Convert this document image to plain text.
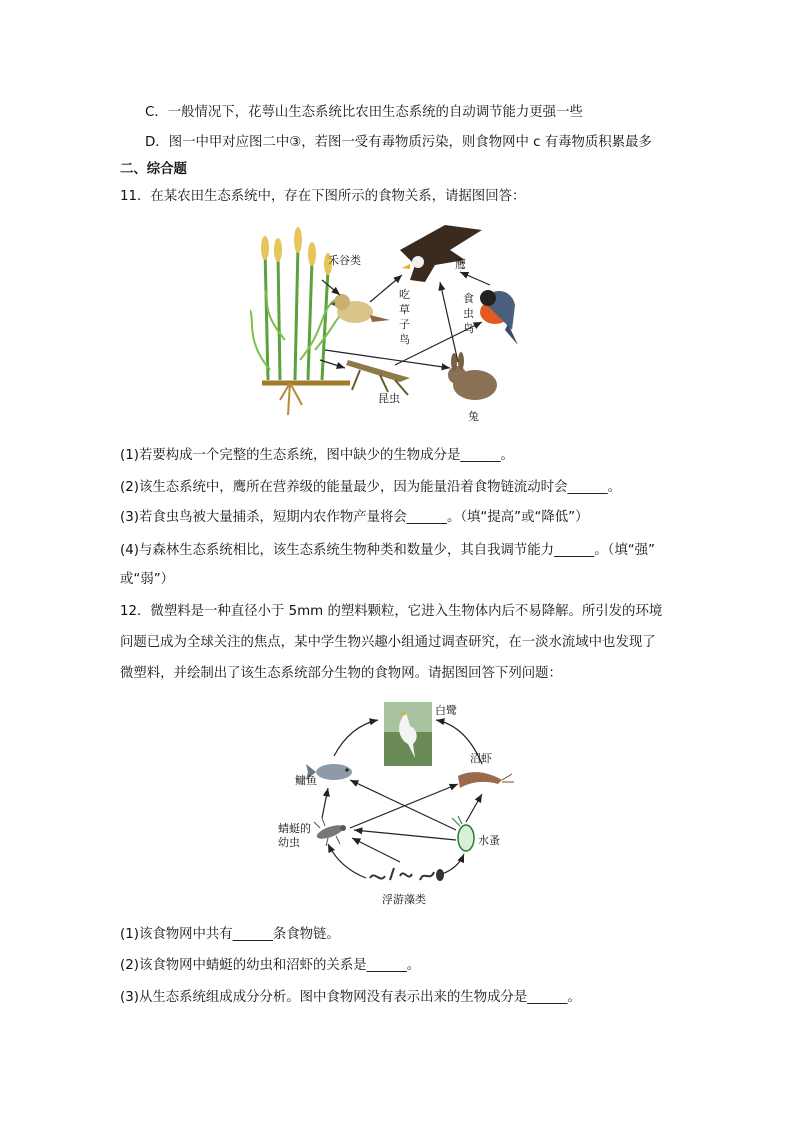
C．一般情况下，花萼山生态系统比农田生态系统的自动调节能力更强一些
D．图一中甲对应图二中③，若图一受有毒物质污染，则食物网中 c 有毒物质积累最多
二、综合题
11．在某农田生态系统中，存在下图所示的食物关系，请据图回答：
禾谷类	鹰
昆虫
兔
吃草子鸟
食虫鸟
(1)若要构成一个完整的生态系统，图中缺少的生物成分是______。
(2)该生态系统中，鹰所在营养级的能量最少，因为能量沿着食物链流动时会______。
(3)若食虫鸟被大量捕杀，短期内农作物产量将会______。（填“提高”或“降低”）
(4)与森林生态系统相比，该生态系统生物种类和数量少，其自我调节能力______。（填“强”
或“弱”）
12．微塑料是一种直径小于 5mm 的塑料颗粒，它进入生物体内后不易降解。所引发的环境
问题已成为全球关注的焦点，某中学生物兴趣小组通过调查研究，在一淡水流域中也发现了
微塑料，并绘制出了该生态系统部分生物的食物网。请据图回答下列问题：
白鹭
沼虾
鳙鱼
蜻蜓的
幼虫	水蚤
浮游藻类
(1)该食物网中共有______条食物链。
(2)该食物网中蜻蜓的幼虫和沼虾的关系是______。
(3)从生态系统组成成分分析。图中食物网没有表示出来的生物成分是______。
